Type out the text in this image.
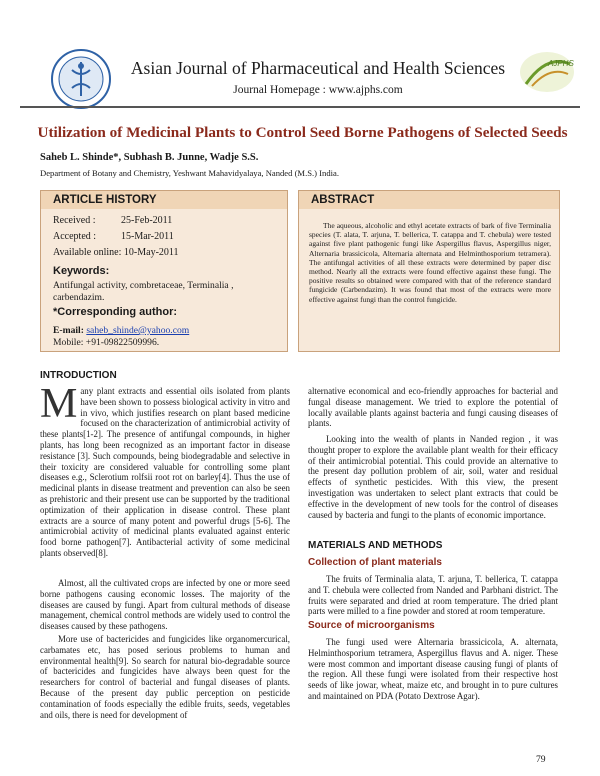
AJPHS
Asian Journal of Pharmaceutical and Health Sciences
Journal Homepage : www.ajphs.com
Utilization of Medicinal Plants to Control Seed Borne Pathogens of Selected Seeds
Saheb L. Shinde*, Subhash B. Junne, Wadje S.S.
Department of Botany and Chemistry, Yeshwant Mahavidyalaya, Nanded (M.S.) India.
ARTICLE HISTORY
Received :	25-Feb-2011
Accepted : 15-Mar-2011
Available online: 10-May-2011
Keywords:
Antifungal activity, combretaceae, Terminalia , carbendazim.
*Corresponding author:
E-mail: saheb_shinde@yahoo.com
Mobile: +91-09822509996.
ABSTRACT
The aqueous, alcoholic and ethyl acetate extracts of bark of five Terminalia species (T. alata, T. arjuna, T. bellerica, T. catappa and T. chebula) were tested against five plant pathogenic fungi like Aspergillus flavus, Aspergillus niger, Alternaria brassicicola, Alternaria alternata and Helminthosporium tetramera). The antifungal activities of all these extracts were determined by paper disc method. Nearly all the extracts were found effective against these fungi. The positive results so obtained were compared with that of the reference standard fungicide (Carbendazim). It was found that most of the extracts were more effective against fungi than the control fungicide.
INTRODUCTION
Many plant extracts and essential oils isolated from plants have been shown to possess biological activity in vitro and in vivo, which justifies research on plant based medicine focused on the characterization of antimicrobial activity of these plants[1-2]. The presence of antifungal compounds, in higher plants, has long been recognized as an important factor in disease resistance [3]. Such compounds, being biodegradable and selective in their toxicity are considered valuable for controlling some plant diseases e.g., Sclerotium rolfsii root rot on barley[4]. Thus the use of medicinal plants in disease treatment and prevention can also be seen as prehistoric and their present use can be supported by the traditional optimization of their application in disease control. These plant extracts are a source of many potent and powerful drugs [5-6]. The antimicrobial activity of medicinal plants evaluated against enteric food borne pathogen[7]. Antibacterial activity of some medicinal plants observed[8].
Almost, all the cultivated crops are infected by one or more seed borne pathogens causing economic losses. The majority of the diseases are caused by fungi. Apart from cultural methods of disease management, chemical control methods are widely used to control the diseases caused by these pathogens.
More use of bactericides and fungicides like organomercurical, carbamates etc, has posed serious problems to human and environmental health[9]. So search for natural bio-degradable source of bactericides and fungicides have always been quest for the researchers for control of bacterial and fungal diseases of plants. Because of the present day public perception on pesticide contamination of foods especially the edible fruits, seeds, vegetables and oils, there is need for development of
alternative economical and eco-friendly approaches for bacterial and fungal disease management. We tried to explore the potential of locally available plants against bacteria and fungi causing diseases of plants.
Looking into the wealth of plants in Nanded region , it was thought proper to explore the available plant wealth for their efficacy of their antimicrobial potential. This could provide an alternative to the present day pollution problem of air, soil, water and residual effects of synthetic pesticides. With this view, the present investigation was undertaken to select plant extracts that could be effective in the development of new tools for the control of diseases caused by bacteria and fungi to the plants of economic importance.
MATERIALS AND METHODS
Collection of plant materials
The fruits of Terminalia alata, T. arjuna, T. bellerica, T. catappa and T. chebula were collected from Nanded and Parbhani district. The fruits were separated and dried at room temperature. The dried plant parts were milled to a fine powder and stored at room temperature.
Source of microorganisms
The fungi used were Alternaria brassicicola, A. alternata, Helminthosporium tetramera, Aspergillus flavus and A. niger. These were most common and important disease causing fungi of plants of the region. All these fungi were isolated from their respective host seeds of like jowar, wheat, maize etc, and brought in to pure cultures and maintained on PDA (Potato Dextrose Agar).
79
